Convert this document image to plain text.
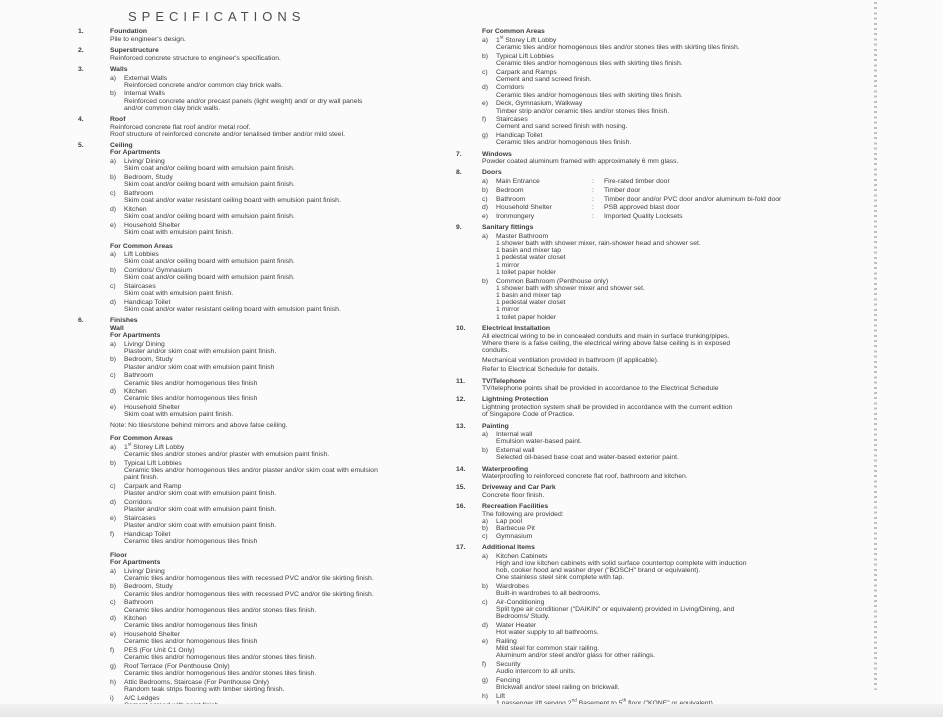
SPECIFICATIONS
1.	Foundation
Pile to engineer's design.
2.	Superstructure
Reinforced concrete structure to engineer's specification.
3.	Walls
a)	External Walls
Reinforced concrete and/or common clay brick walls.
b)	Internal Walls
Reinforced concrete and/or precast panels (light weight) and/ or dry wall panels
and/or common clay brick walls.
4.	Roof
Reinforced concrete flat roof and/or metal roof.
Roof structure of reinforced concrete and/or tenalised timber and/or mild steel.
5.	Ceiling
For Apartments
a)	Living/ Dining
Skim coat and/or ceiling board with emulsion paint finish.
b)	Bedroom, Study
Skim coat and/or ceiling board with emulsion paint finish.
c)	Bathroom
Skim coat and/or water resistant ceiling board with emulsion paint finish.
d)	Kitchen
Skim coat and/or ceiling board with emulsion paint finish.
e)	Household Shelter
Skim coat with emulsion paint finish.
For Common Areas
a)	Lift Lobbies
Skim coat and/or ceiling board with emulsion paint finish.
b)	Corridors/ Gymnasium
Skim coat and/or ceiling board with emulsion paint finish.
c)	Staircases
Skim coat with emulsion paint finish.
d)	Handicap Toilet
Skim coat and/or water resistant ceiling board with emulsion paint finish.
6.	Finishes
Wall
For Apartments
a)	Living/ Dining
Plaster and/or skim coat with emulsion paint finish.
b)	Bedroom, Study
Plaster and/or skim coat with emulsion paint finish
c)	Bathroom
Ceramic tiles and/or homogenous tiles finish
d)	Kitchen
Ceramic tiles and/or homogenous tiles finish
e)	Household Shelter
Skim coat with emulsion paint finish.
Note: No tiles/stone behind mirrors and above false ceiling.
For Common Areas
a)	1st Storey Lift Lobby
Ceramic tiles and/or stones and/or plaster with emulsion paint finish.
b)	Typical Lift Lobbies
Ceramic tiles and/or homogenous tiles and/or plaster and/or skim coat with emulsion
paint finish.
c)	Carpark and Ramp
Plaster and/or skim coat with emulsion paint finish.
d)	Corridors
Plaster and/or skim coat with emulsion paint finish.
e)	Staircases
Plaster and/or skim coat with emulsion paint finish.
f)	Handicap Toilet
Ceramic tiles and/or homogenous tiles finish
Floor
For Apartments
a)	Living/ Dining
Ceramic tiles and/or homogenous tiles with recessed PVC and/or tile skirting finish.
b)	Bedroom, Study
Ceramic tiles and/or homogenous tiles with recessed PVC and/or tile skirting finish.
c)	Bathroom
Ceramic tiles and/or homogenous tiles and/or stones tiles finish.
d)	Kitchen
Ceramic tiles and/or homogenous tiles finish
e)	Household Shelter
Ceramic tiles and/or homogenous tiles finish
f)	PES (For Unit C1 Only)
Ceramic tiles and/or homogenous tiles and/or stones tiles finish.
g)	Roof Terrace (For Penthouse Only)
Ceramic tiles and/or homogenous tiles and/or stones tiles finish.
h)	Attic Bedrooms, Staircase (For Penthouse Only)
Random teak strips flooring with timber skirting finish.
i)	A/C Ledges
For Common Areas
a)	1st Storey Lift Lobby
Ceramic tiles and/or homogenous tiles and/or stones tiles with skirting tiles finish.
b)	Typical Lift Lobbies
Ceramic tiles and/or homogenous tiles with skirting tiles finish.
c)	Carpark and Ramps
Cement and sand screed finish.
d)	Corridors
Ceramic tiles and/or homogenous tiles with skirting tiles finish.
e)	Deck, Gymnasium, Walkway
Timber strip and/or ceramic tiles and/or stones tiles finish.
f)	Staircases
Cement and sand screed finish with nosing.
g)	Handicap Toilet
Ceramic tiles and/or homogenous tiles finish.
7.	Windows
Powder coated aluminum framed with approximately 6 mm glass.
8.	Doors
a)	Main Entrance	:	Fire-rated timber door
b)	Bedroom	:	Timber door
c)	Bathroom	:	Timber door and/or PVC door and/or aluminum bi-fold door
d)	Household Shelter	:	PSB approved blast door
e)	Ironmongery	:	Imported Quality Locksets
9.	Sanitary fittings
a)	Master Bathroom
1 shower bath with shower mixer, rain-shower head and shower set.
1 basin and mixer tap
1 pedestal water closet
1 mirror
1 toilet paper holder
b)	Common Bathroom (Penthouse only)
1 shower bath with shower mixer and shower set.
1 basin and mixer tap
1 pedestal water closet
1 mirror
1 toilet paper holder
10.	Electrical Installation
All electrical wiring to be in concealed conduits and main in surface trunking/pipes.
Where there is a false ceiling, the electrical wiring above false ceiling is in exposed
conduits.
Mechanical ventilation provided in bathroom (if applicable).
Refer to Electrical Schedule for details.
11.	TV/Telephone
TV/telephone points shall be provided in accordance to the Electrical Schedule
12.	Lightning Protection
Lightning protection system shall be provided in accordance with the current edition
of Singapore Code of Practice.
13.	Painting
a)	Internal wall
Emulsion water-based paint.
b)	External wall
Selected oil-based base coat and water-based exterior paint.
14.	Waterproofing
Waterproofing to reinforced concrete flat roof, bathroom and kitchen.
15.	Driveway and Car Park
Concrete floor finish.
16.	Recreation Facilities
The following are provided:
a)	Lap pool
b)	Barbecue Pit
c)	Gymnasium
17.	Additional Items
a)	Kitchen Cabinets
High and low kitchen cabinets with solid surface countertop complete with induction
hob, cooker hood and washer dryer ("BOSCH" brand or equivalent).
One stainless steel sink complete with tap.
b)	Wardrobes
Built-in wardrobes to all bedrooms.
c)	Air-Conditioning
Split type air conditioner ("DAIKIN" or equivalent) provided in Living/Dining, and
Bedrooms/ Study.
d)	Water Heater
Hot water supply to all bathrooms.
e)	Railing
Mild steel for common stair railing.
Aluminum and/or steel and/or glass for other railings.
f)	Security
Audio intercom to all units.
g)	Fencing
Brickwall and/or steel railing on brickwall.
h)	Lift
$^{nd}$	$^{th}$
